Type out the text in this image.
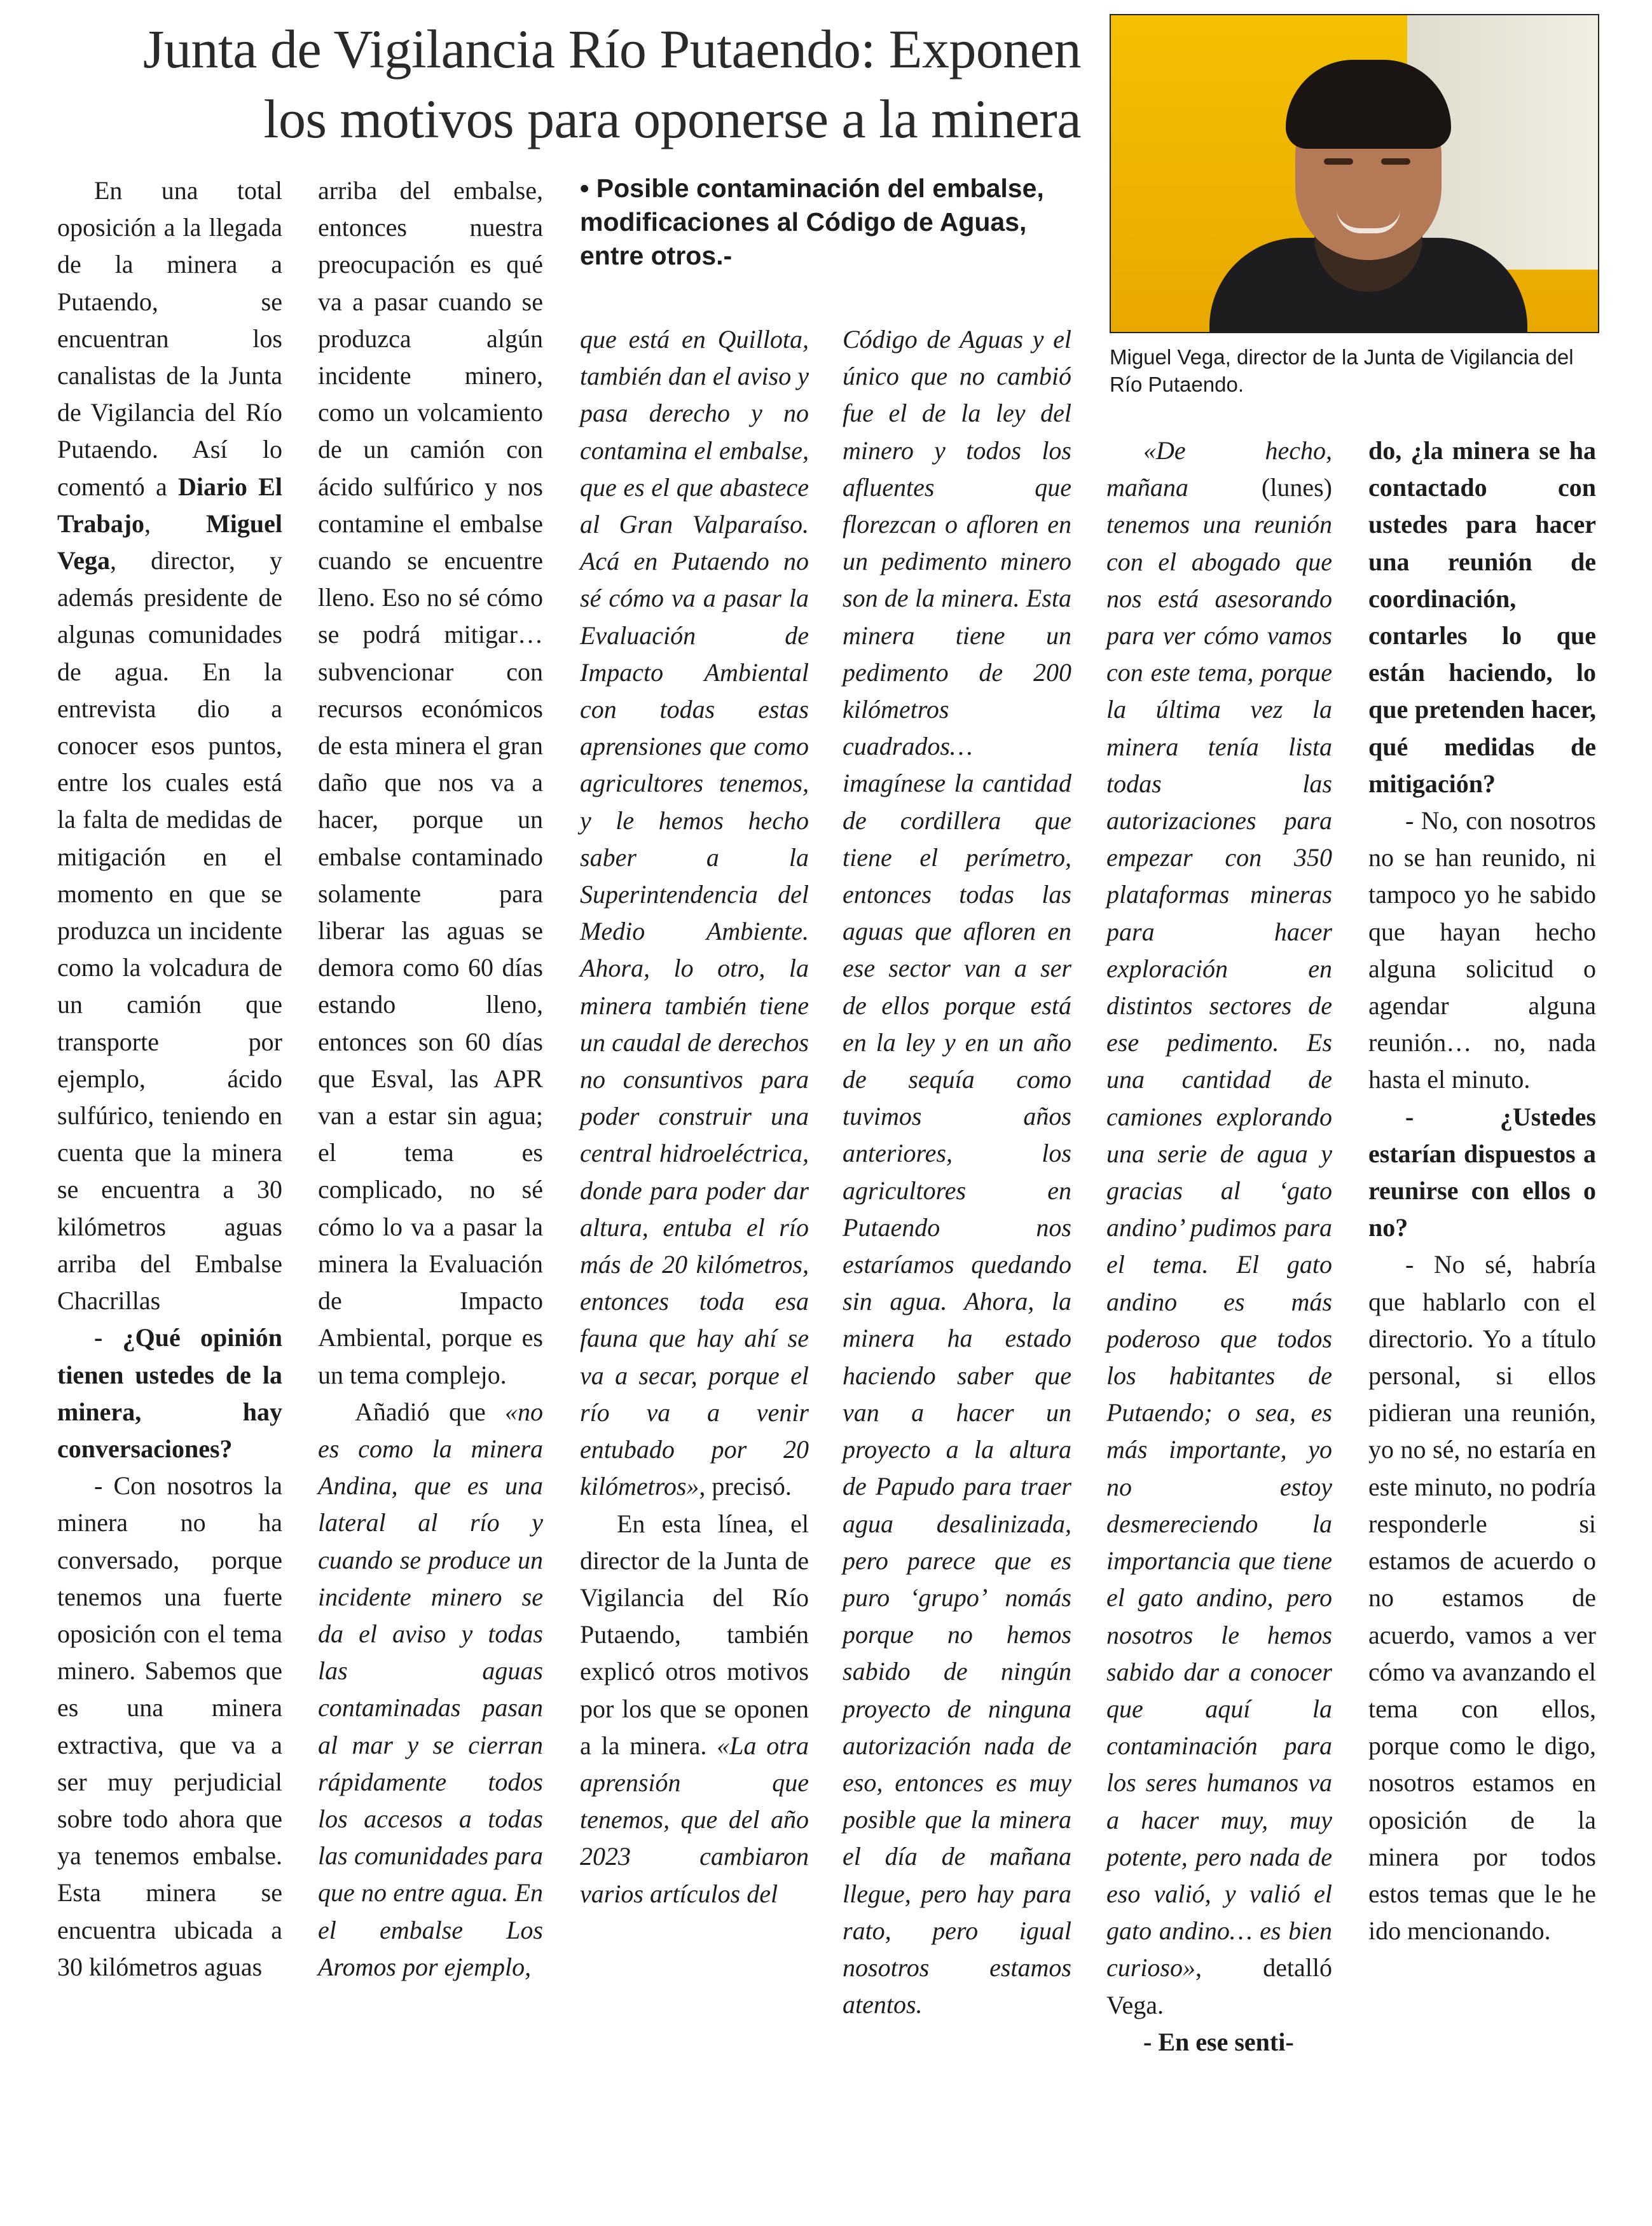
Junta de Vigilancia Río Putaendo: Exponen
los motivos para oponerse a la minera
Miguel Vega, director de la Junta de Vigilancia del Río Putaendo.
• Posible contaminación del embalse, modificaciones al Código de Aguas, entre otros.-

En una total oposición a la llegada de la minera a Putaendo, se encuentran los canalistas de la Junta de Vigilancia del Río Putaendo. Así lo comentó a Diario El Trabajo, Miguel Vega, director, y además presidente de algunas comunidades de agua. En la entrevista dio a conocer esos puntos, entre los cuales está la falta de medidas de mitigación en el momento en que se produzca un incidente como la volcadura de un camión que transporte por ejemplo, ácido sulfúrico, teniendo en cuenta que la minera se encuentra a 30 kilómetros aguas arriba del Embalse Chacrillas

- ¿Qué opinión tienen ustedes de la minera, hay conversaciones?

- Con nosotros la minera no ha conversado, porque tenemos una fuerte oposición con el tema minero. Sabemos que es una minera extractiva, que va a ser muy perjudicial sobre todo ahora que ya tenemos embalse. Esta minera se encuentra ubicada a 30 kilómetros aguas

arriba del embalse, entonces nuestra preocupación es qué va a pasar cuando se produzca algún incidente minero, como un volcamiento de un camión con ácido sulfúrico y nos contamine el embalse cuando se encuentre lleno. Eso no sé cómo se podrá mitigar… subvencionar con recursos económicos de esta minera el gran daño que nos va a hacer, porque un embalse contaminado solamente para liberar las aguas se demora como 60 días estando lleno, entonces son 60 días que Esval, las APR van a estar sin agua; el tema es complicado, no sé cómo lo va a pasar la minera la Evaluación de Impacto Ambiental, porque es un tema complejo.

Añadió que «no es como la minera Andina, que es una lateral al río y cuando se produce un incidente minero se da el aviso y todas las aguas contaminadas pasan al mar y se cierran rápidamente todos los accesos a todas las comunidades para que no entre agua. En el embalse Los Aromos por ejemplo,

que está en Quillota, también dan el aviso y pasa derecho y no contamina el embalse, que es el que abastece al Gran Valparaíso. Acá en Putaendo no sé cómo va a pasar la Evaluación de Impacto Ambiental con todas estas aprensiones que como agricultores tenemos, y le hemos hecho saber a la Superintendencia del Medio Ambiente. Ahora, lo otro, la minera también tiene un caudal de derechos no consuntivos para poder construir una central hidroeléctrica, donde para poder dar altura, entuba el río más de 20 kilómetros, entonces toda esa fauna que hay ahí se va a secar, porque el río va a venir entubado por 20 kilómetros», precisó.

En esta línea, el director de la Junta de Vigilancia del Río Putaendo, también explicó otros motivos por los que se oponen a la minera. «La otra aprensión que tenemos, que del año 2023 cambiaron varios artículos del

Código de Aguas y el único que no cambió fue el de la ley del minero y todos los afluentes que florezcan o afloren en un pedimento minero son de la minera. Esta minera tiene un pedimento de 200 kilómetros cuadrados… imagínese la cantidad de cordillera que tiene el perímetro, entonces todas las aguas que afloren en ese sector van a ser de ellos porque está en la ley y en un año de sequía como tuvimos años anteriores, los agricultores en Putaendo nos estaríamos quedando sin agua. Ahora, la minera ha estado haciendo saber que van a hacer un proyecto a la altura de Papudo para traer agua desalinizada, pero parece que es puro ‘grupo’ nomás porque no hemos sabido de ningún proyecto de ninguna autorización nada de eso, entonces es muy posible que la minera el día de mañana llegue, pero hay para rato, pero igual nosotros estamos atentos.

«De hecho, mañana (lunes) tenemos una reunión con el abogado que nos está asesorando para ver cómo vamos con este tema, porque la última vez la minera tenía lista todas las autorizaciones para empezar con 350 plataformas mineras para hacer exploración en distintos sectores de ese pedimento. Es una cantidad de camiones explorando una serie de agua y gracias al ‘gato andino’ pudimos para el tema. El gato andino es más poderoso que todos los habitantes de Putaendo; o sea, es más importante, yo no estoy desmereciendo la importancia que tiene el gato andino, pero nosotros le hemos sabido dar a conocer que aquí la contaminación para los seres humanos va a hacer muy, muy potente, pero nada de eso valió, y valió el gato andino… es bien curioso», detalló Vega.

- En ese senti-

do, ¿la minera se ha contactado con ustedes para hacer una reunión de coordinación, contarles lo que están haciendo, lo que pretenden hacer, qué medidas de mitigación?

- No, con nosotros no se han reunido, ni tampoco yo he sabido que hayan hecho alguna solicitud o agendar alguna reunión… no, nada hasta el minuto.

- ¿Ustedes estarían dispuestos a reunirse con ellos o no?

- No sé, habría que hablarlo con el directorio. Yo a título personal, si ellos pidieran una reunión, yo no sé, no estaría en este minuto, no podría responderle si estamos de acuerdo o no estamos de acuerdo, vamos a ver cómo va avanzando el tema con ellos, porque como le digo, nosotros estamos en oposición de la minera por todos estos temas que le he ido mencionando.
